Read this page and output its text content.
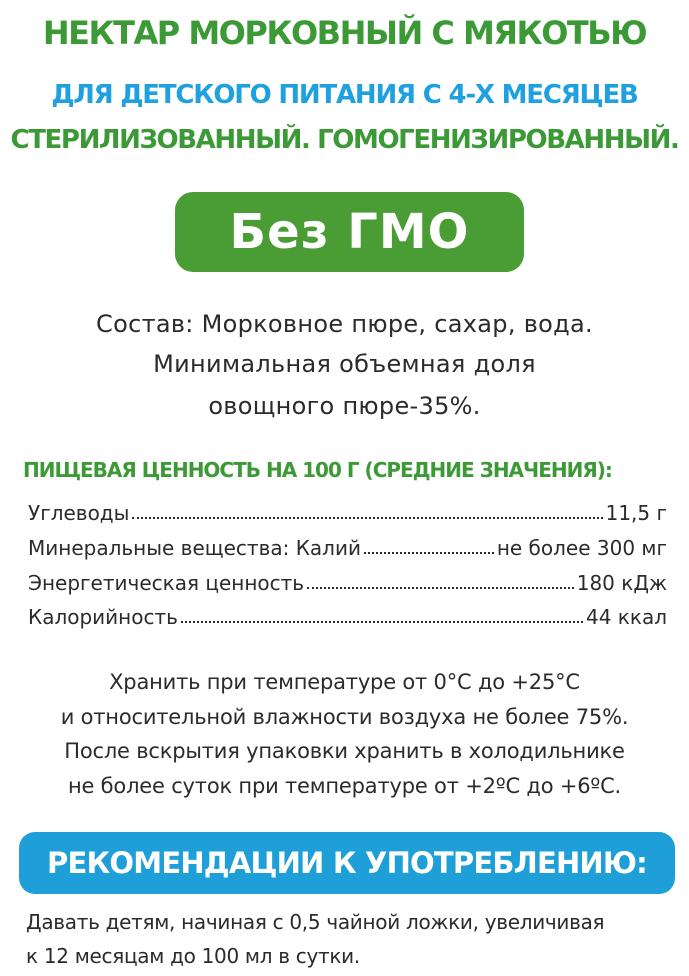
НЕКТАР МОРКОВНЫЙ С МЯКОТЬЮ
ДЛЯ ДЕТСКОГО ПИТАНИЯ С 4-Х МЕСЯЦЕВ
СТЕРИЛИЗОВАННЫЙ. ГОМОГЕНИЗИРОВАННЫЙ.
Без ГМО
Состав: Морковное пюре, сахар, вода.
Минимальная объемная доля
овощного пюре-35%.
ПИЩЕВАЯ ЦЕННОСТЬ НА 100 Г (СРЕДНИЕ ЗНАЧЕНИЯ):
Углеводы	11,5 г
Минеральные вещества: Калий	не более 300 мг
Энергетическая ценность	180 кДж
Калорийность	44 ккал
Хранить при температуре от 0°С до +25°С
и относительной влажности воздуха не более 75%.
После вскрытия упаковки хранить в холодильнике
не более суток при температуре от +2ºС до +6ºС.
РЕКОМЕНДАЦИИ К УПОТРЕБЛЕНИЮ:
Давать детям, начиная с 0,5 чайной ложки, увеличивая
к 12 месяцам до 100 мл в сутки.
